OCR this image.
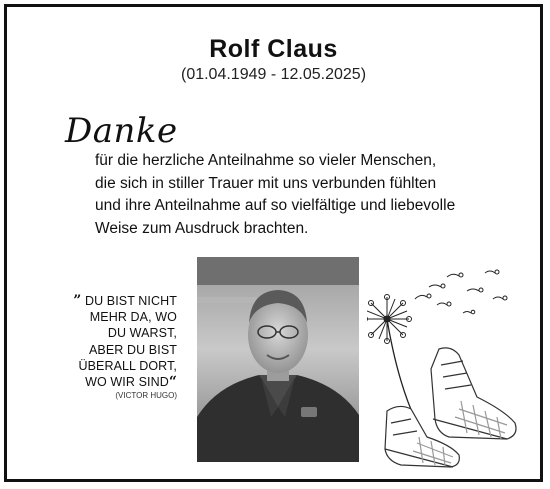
Rolf Claus
(01.04.1949 - 12.05.2025)
Danke
für die herzliche Anteilnahme so vieler Menschen,
die sich in stiller Trauer mit uns verbunden fühlten
und ihre Anteilnahme auf so vielfältige und liebevolle
Weise zum Ausdruck brachten.
” DU BIST NICHT
MEHR DA, WO
DU WARST,
ABER DU BIST
ÜBERALL DORT,
WO WIR SIND“
(VICTOR HUGO)
